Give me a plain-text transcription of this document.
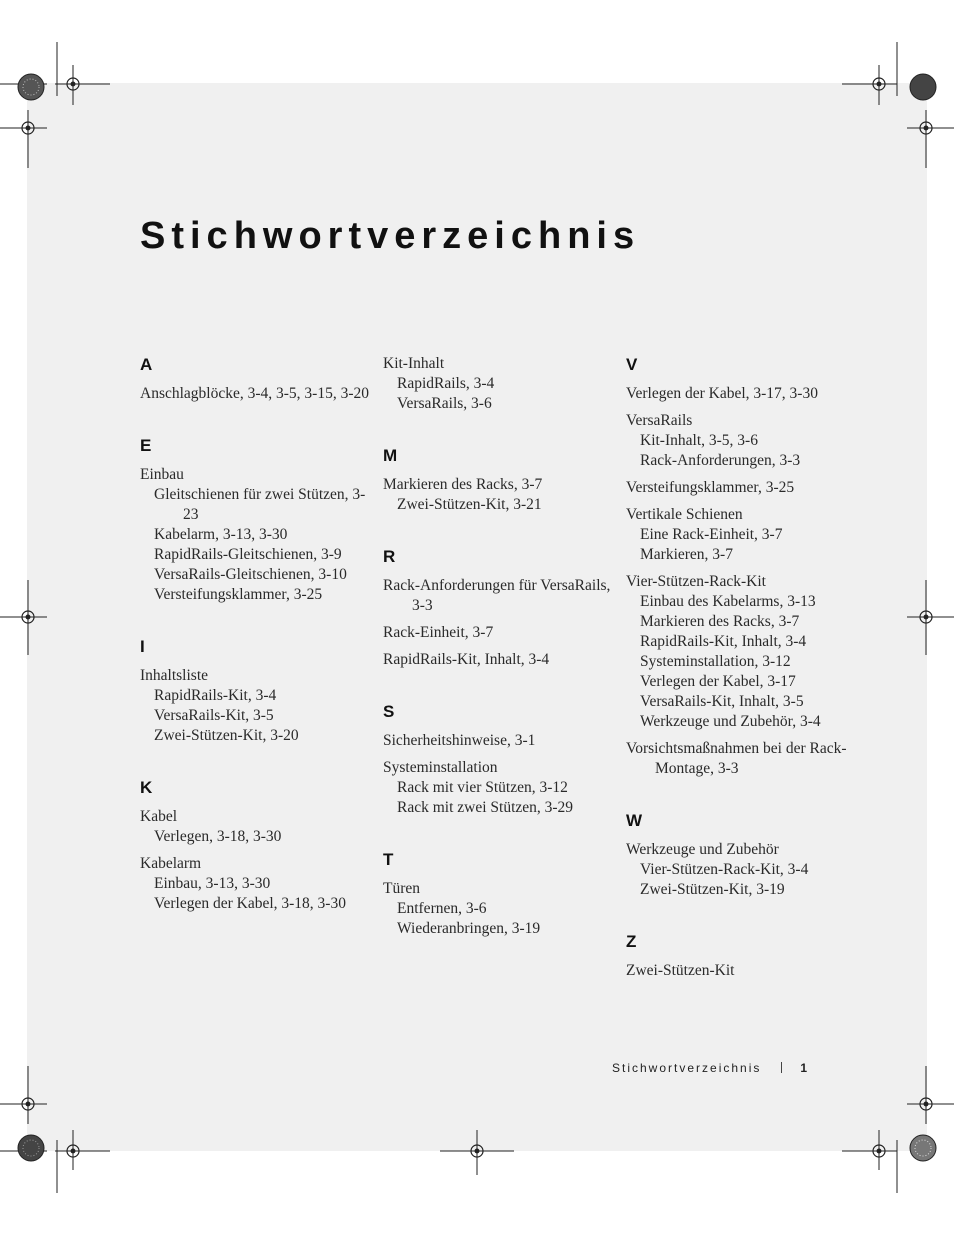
Stichwortverzeichnis
A
Anschlagblöcke, 3-4, 3-5, 3-15, 3-20
E
Einbau
Gleitschienen für zwei Stützen, 3-23
Kabelarm, 3-13, 3-30
RapidRails-Gleitschienen, 3-9
VersaRails-Gleitschienen, 3-10
Versteifungsklammer, 3-25
I
Inhaltsliste
RapidRails-Kit, 3-4
VersaRails-Kit, 3-5
Zwei-Stützen-Kit, 3-20
K
Kabel
Verlegen, 3-18, 3-30
Kabelarm
Einbau, 3-13, 3-30
Verlegen der Kabel, 3-18, 3-30
Kit-Inhalt
RapidRails, 3-4
VersaRails, 3-6
M
Markieren des Racks, 3-7
Zwei-Stützen-Kit, 3-21
R
Rack-Anforderungen für VersaRails, 3-3
Rack-Einheit, 3-7
RapidRails-Kit, Inhalt, 3-4
S
Sicherheitshinweise, 3-1
Systeminstallation
Rack mit vier Stützen, 3-12
Rack mit zwei Stützen, 3-29
T
Türen
Entfernen, 3-6
Wiederanbringen, 3-19
V
Verlegen der Kabel, 3-17, 3-30
VersaRails
Kit-Inhalt, 3-5, 3-6
Rack-Anforderungen, 3-3
Versteifungsklammer, 3-25
Vertikale Schienen
Eine Rack-Einheit, 3-7
Markieren, 3-7
Vier-Stützen-Rack-Kit
Einbau des Kabelarms, 3-13
Markieren des Racks, 3-7
RapidRails-Kit, Inhalt, 3-4
Systeminstallation, 3-12
Verlegen der Kabel, 3-17
VersaRails-Kit, Inhalt, 3-5
Werkzeuge und Zubehör, 3-4
Vorsichtsmaßnahmen bei der Rack-Montage, 3-3
W
Werkzeuge und Zubehör
Vier-Stützen-Rack-Kit, 3-4
Zwei-Stützen-Kit, 3-19
Z
Zwei-Stützen-Kit
Stichwortverzeichnis	1
